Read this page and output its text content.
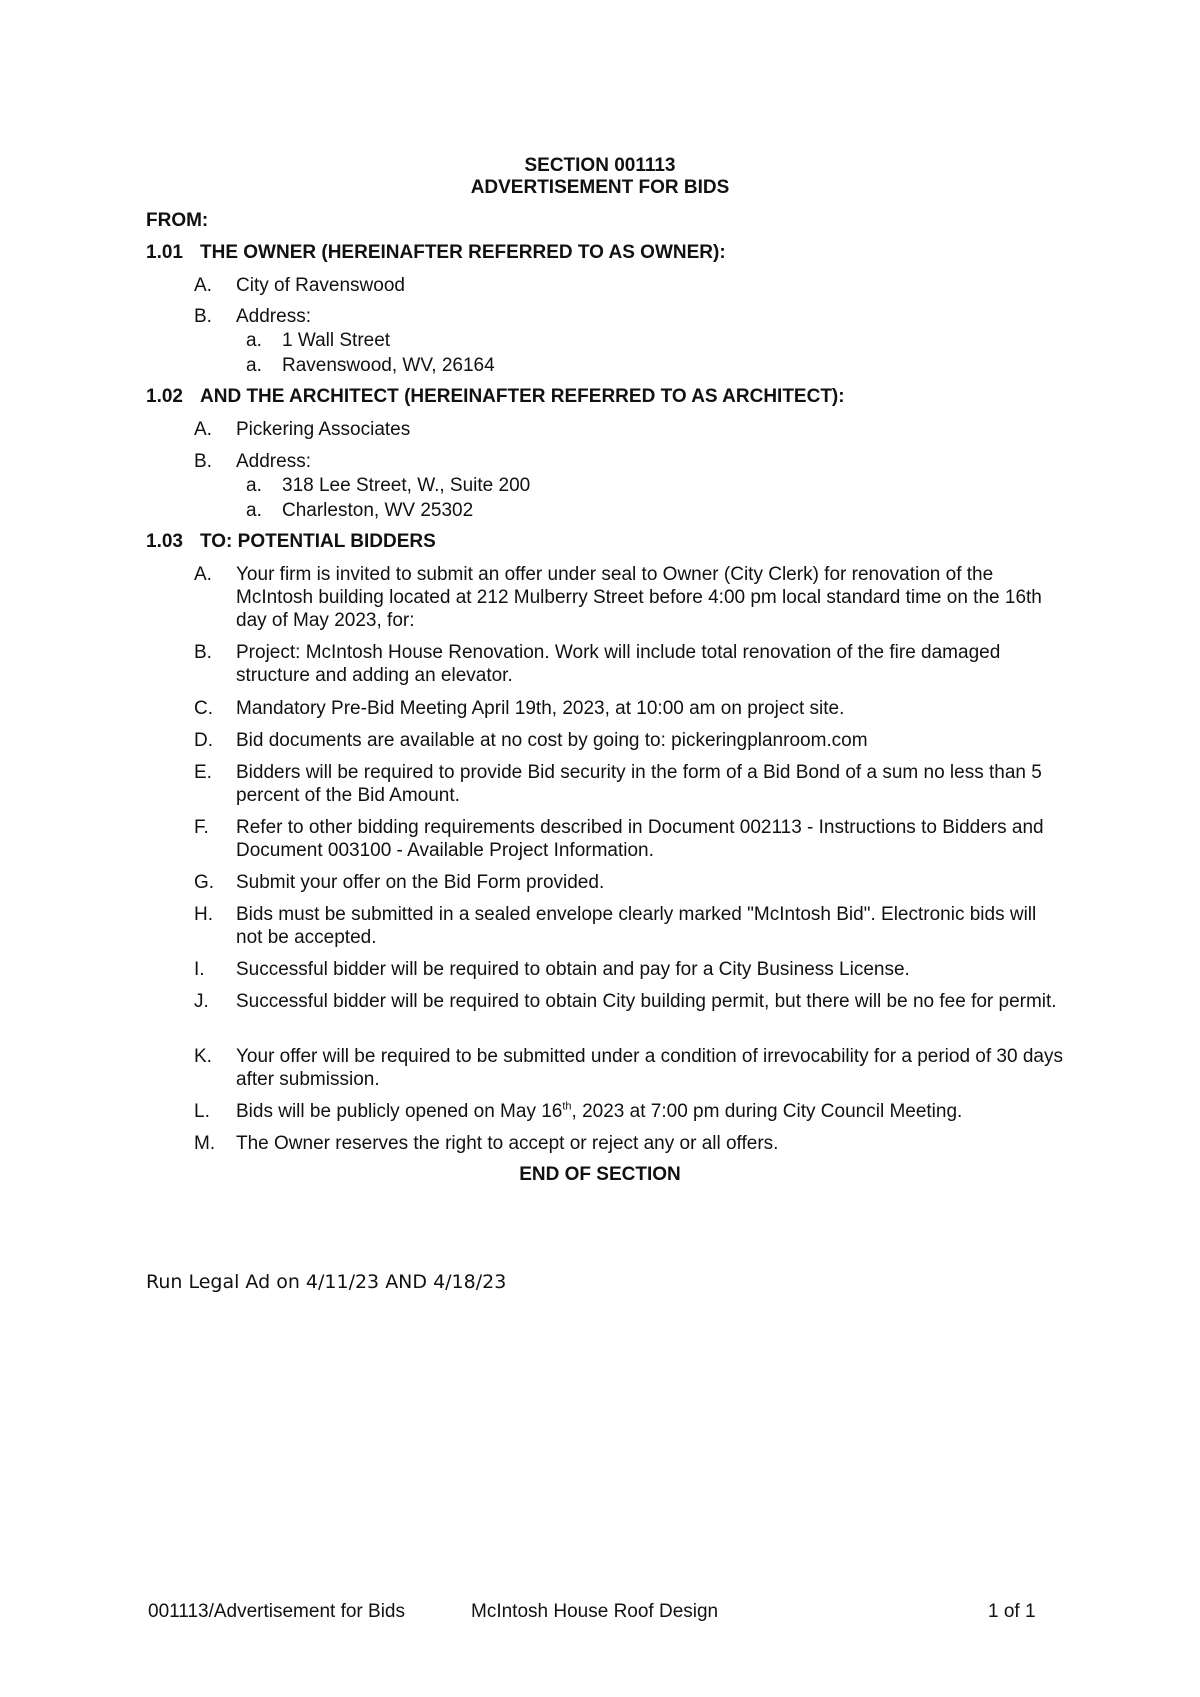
SECTION 001113
ADVERTISEMENT FOR BIDS
FROM:
1.01 THE OWNER (HEREINAFTER REFERRED TO AS OWNER):
A.	City of Ravenswood
B.	Address:
a. 1 Wall Street
a. Ravenswood, WV, 26164
1.02 AND THE ARCHITECT (HEREINAFTER REFERRED TO AS ARCHITECT):
A.	Pickering Associates
B.	Address:
a. 318 Lee Street, W., Suite 200
a. Charleston, WV 25302
1.03 TO: POTENTIAL BIDDERS
A.	Your firm is invited to submit an offer under seal to Owner (City Clerk) for renovation of the McIntosh building located at 212 Mulberry Street before 4:00 pm local standard time on the 16th day of May 2023, for:
B.	Project: McIntosh House Renovation. Work will include total renovation of the fire damaged structure and adding an elevator.
C.	Mandatory Pre-Bid Meeting April 19th, 2023, at 10:00 am on project site.
D.	Bid documents are available at no cost by going to: pickeringplanroom.com
E.	Bidders will be required to provide Bid security in the form of a Bid Bond of a sum no less than 5 percent of the Bid Amount.
F.	Refer to other bidding requirements described in Document 002113 - Instructions to Bidders and Document 003100 - Available Project Information.
G.	Submit your offer on the Bid Form provided.
H.	Bids must be submitted in a sealed envelope clearly marked "McIntosh Bid". Electronic bids will not be accepted.
I.	Successful bidder will be required to obtain and pay for a City Business License.
J.	Successful bidder will be required to obtain City building permit, but there will be no fee for permit.
K.	Your offer will be required to be submitted under a condition of irrevocability for a period of 30 days after submission.
L.	Bids will be publicly opened on May 16th, 2023 at 7:00 pm during City Council Meeting.
M.	The Owner reserves the right to accept or reject any or all offers.
END OF SECTION
Run Legal Ad on 4/11/23 AND 4/18/23
001113/Advertisement for Bids	McIntosh House Roof Design	1 of 1
